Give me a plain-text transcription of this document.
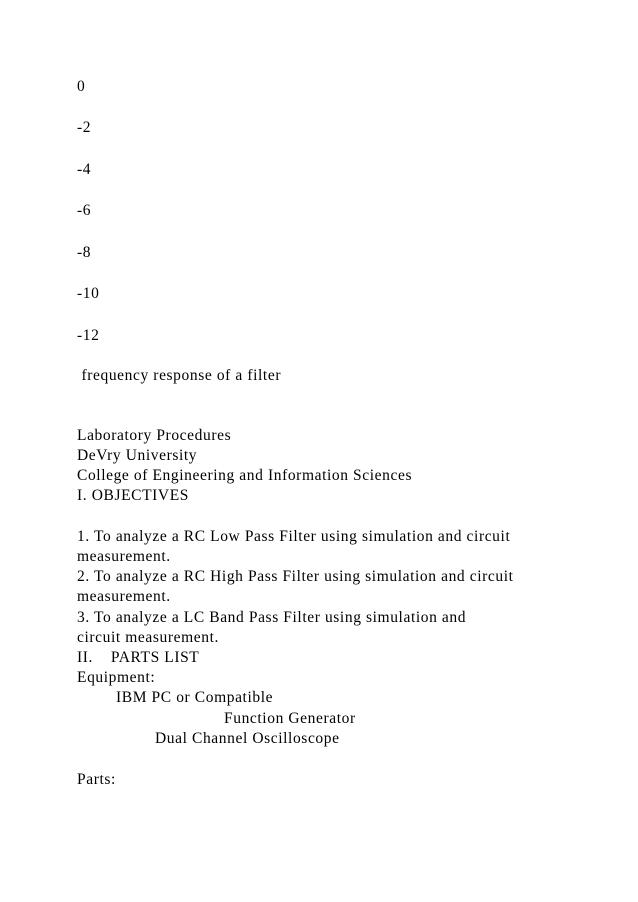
0
-2
-4
-6
-8
-10
-12
frequency response of a filter
Laboratory Procedures
DeVry University
College of Engineering and Information Sciences
I. OBJECTIVES
1. To analyze a RC Low Pass Filter using simulation and circuit
measurement.
2. To analyze a RC High Pass Filter using simulation and circuit
measurement.
3. To analyze a LC Band Pass Filter using simulation and
circuit measurement.
II.    PARTS LIST
Equipment:
IBM PC or Compatible
Function Generator
Dual Channel Oscilloscope
Parts:
